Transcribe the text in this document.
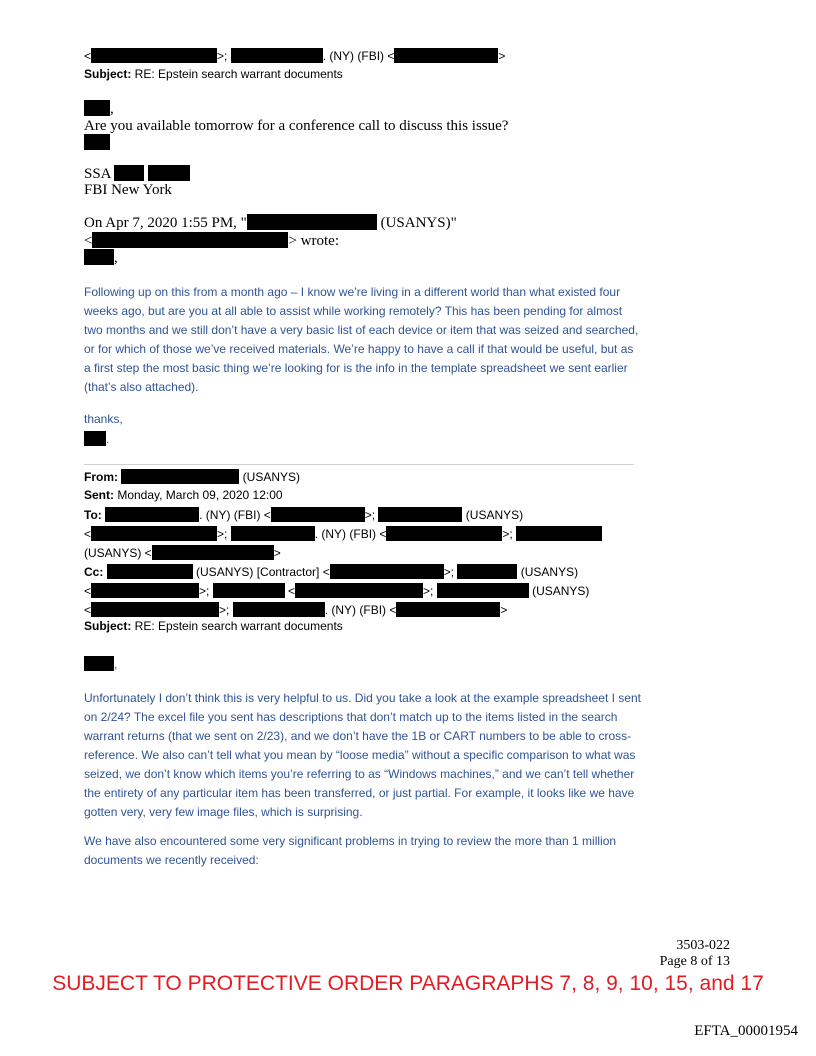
<	>;	. (NY) (FBI) <	>
Subject: RE: Epstein search warrant documents
,
Are you available tomorrow for a conference call to discuss this issue?
SSA
FBI New York
On Apr 7, 2020 1:55 PM, "	(USANYS)"
<	> wrote:
,
Following up on this from a month ago – I know we’re living in a different world than what existed four weeks ago, but are you at all able to assist while working remotely? This has been pending for almost two months and we still don’t have a very basic list of each device or item that was seized and searched, or for which of those we’ve received materials. We’re happy to have a call if that would be useful, but as a first step the most basic thing we’re looking for is the info in the template spreadsheet we sent earlier (that’s also attached).
thanks,
.
From:	(USANYS)
Sent: Monday, March 09, 2020 12:00
To:	. (NY) (FBI) <	>;	(USANYS)
<	>;	. (NY) (FBI) <	>;
(USANYS) <	>
Cc:	(USANYS) [Contractor] <	>;	(USANYS)
<	>;	<	>;	(USANYS)
<	>;	. (NY) (FBI) <	>
Subject: RE: Epstein search warrant documents
,
Unfortunately I don’t think this is very helpful to us. Did you take a look at the example spreadsheet I sent on 2/24? The excel file you sent has descriptions that don’t match up to the items listed in the search warrant returns (that we sent on 2/23), and we don’t have the 1B or CART numbers to be able to cross-reference. We also can’t tell what you mean by “loose media” without a specific comparison to what was seized, we don’t know which items you’re referring to as “Windows machines,” and we can’t tell whether the entirety of any particular item has been transferred, or just partial. For example, it looks like we have gotten very, very few image files, which is surprising.
We have also encountered some very significant problems in trying to review the more than 1 million documents we recently received:
3503-022
Page 8 of 13
SUBJECT TO PROTECTIVE ORDER PARAGRAPHS 7, 8, 9, 10, 15, and 17
EFTA_00001954
